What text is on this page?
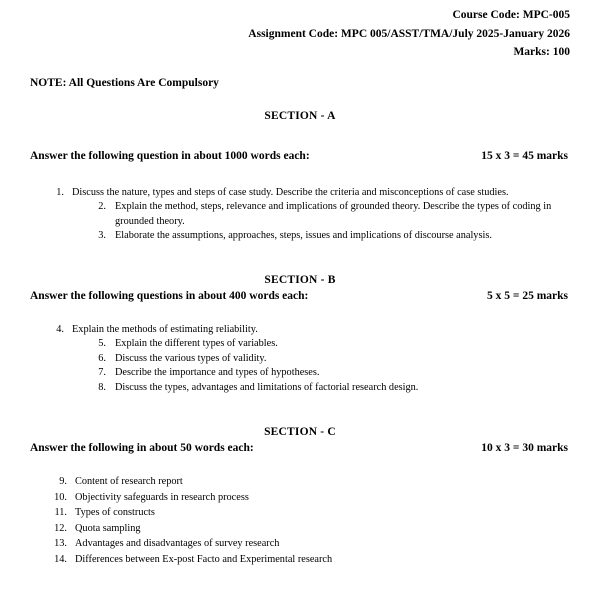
Course Code: MPC-005
Assignment Code: MPC 005/ASST/TMA/July 2025-January 2026
Marks: 100
NOTE: All Questions Are Compulsory
SECTION - A
Answer the following question in about 1000 words each:	15 x 3 = 45 marks
1. Discuss the nature, types and steps of case study. Describe the criteria and misconceptions of case studies.
2. Explain the method, steps, relevance and implications of grounded theory. Describe the types of coding in grounded theory.
3. Elaborate the assumptions, approaches, steps, issues and implications of discourse analysis.
SECTION - B
Answer the following questions in about 400 words each:	5 x 5 = 25 marks
4. Explain the methods of estimating reliability.
5. Explain the different types of variables.
6. Discuss the various types of validity.
7. Describe the importance and types of hypotheses.
8. Discuss the types, advantages and limitations of factorial research design.
SECTION - C
Answer the following in about 50 words each:	10 x 3 = 30 marks
9. Content of research report
10. Objectivity safeguards in research process
11. Types of constructs
12. Quota sampling
13. Advantages and disadvantages of survey research
14. Differences between Ex-post Facto and Experimental research
